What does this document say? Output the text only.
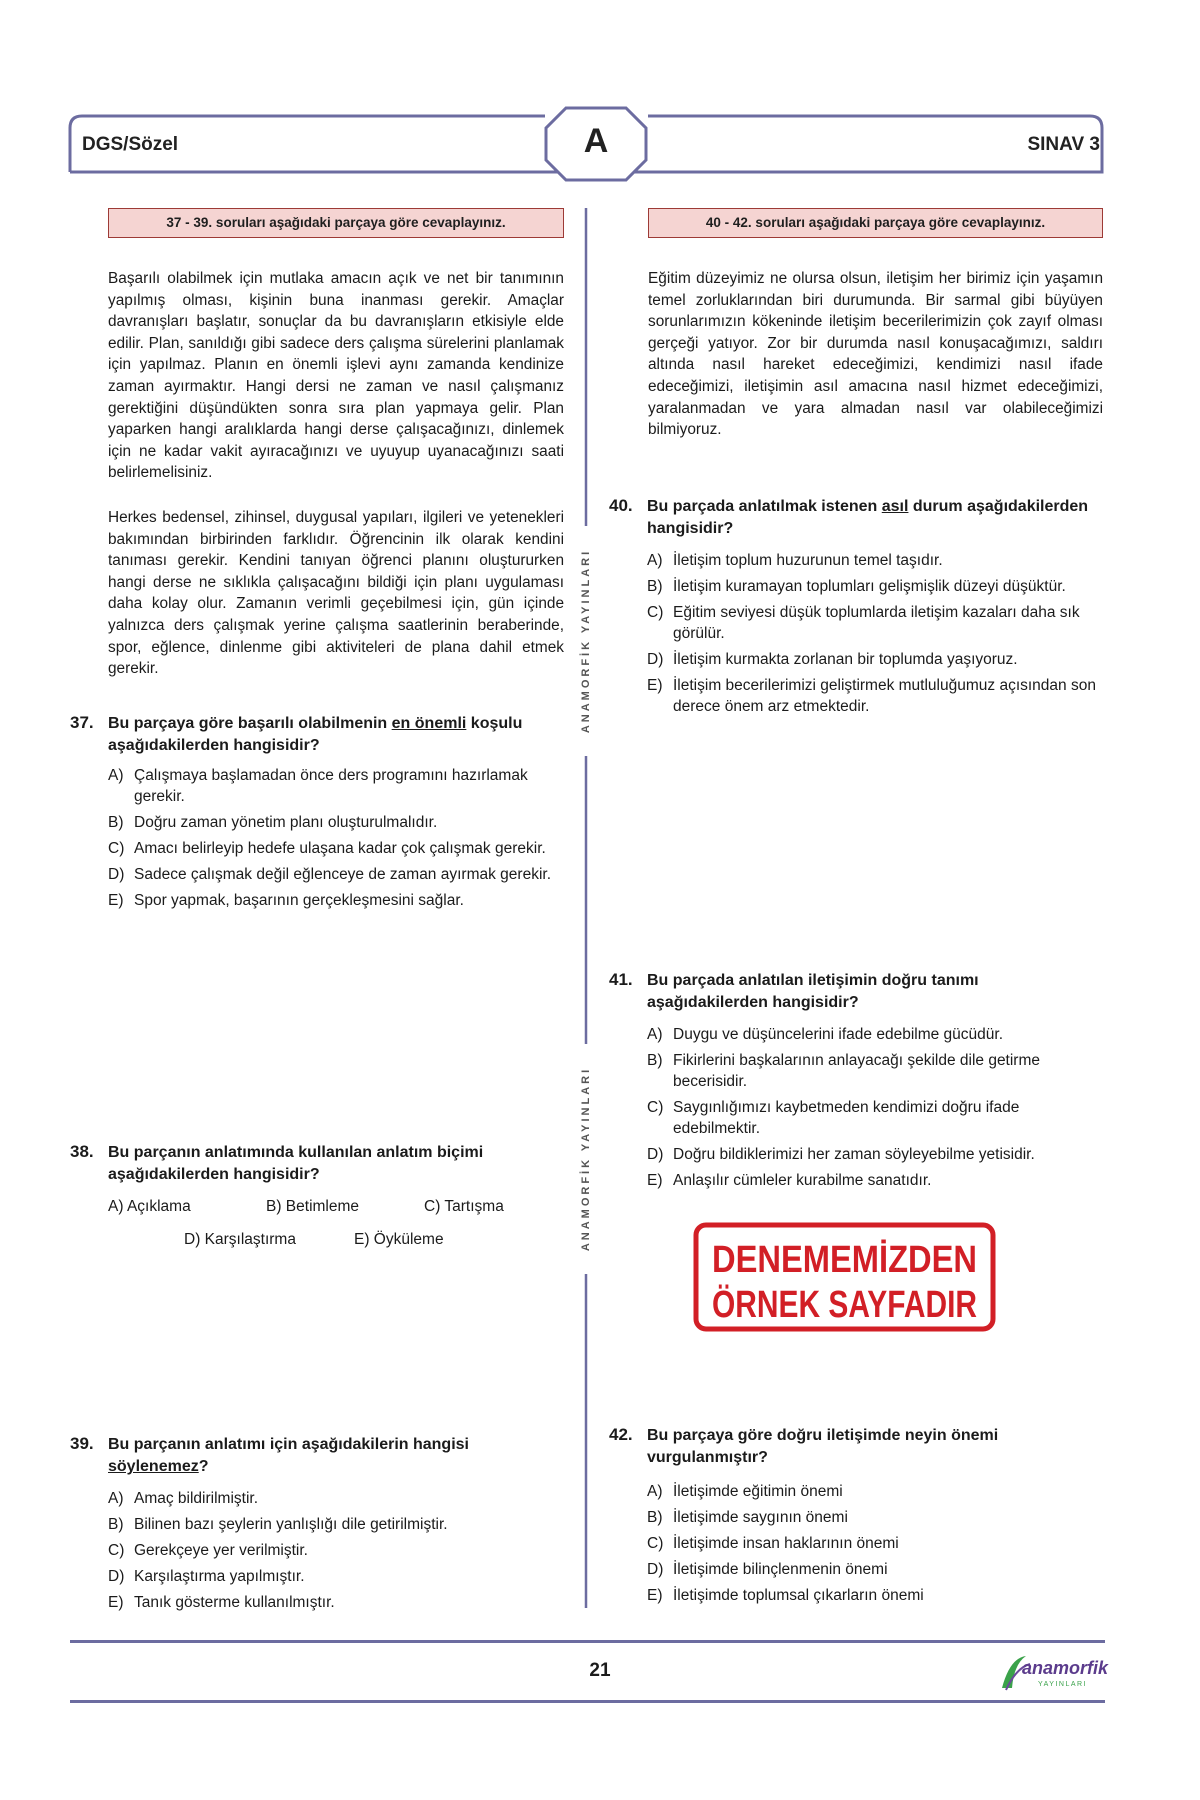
DGS/Sözel	A	SINAV 3
ANAMORFİK YAYINLARI
ANAMORFİK YAYINLARI
37 - 39. soruları aşağıdaki parçaya göre cevaplayınız.	40 - 42. soruları aşağıdaki parçaya göre cevaplayınız.

Başarılı olabilmek için mutlaka amacın açık ve net bir tanımının yapılmış olması, kişinin buna inanması gerekir. Amaçlar davranışları başlatır, sonuçlar da bu davranışların etkisiyle elde edilir. Plan, sanıldığı gibi sadece ders çalışma sürelerini planlamak için yapılmaz. Planın en önemli işlevi aynı zamanda kendinize zaman ayırmaktır. Hangi dersi ne zaman ve nasıl çalışmanız gerektiğini düşündükten sonra sıra plan yapmaya gelir. Plan yaparken hangi aralıklarda hangi derse çalışacağınızı, dinlemek için ne kadar vakit ayıracağınızı ve uyuyup uyanacağınızı saati belirlemelisiniz.

Herkes bedensel, zihinsel, duygusal yapıları, ilgileri ve yetenekleri bakımından birbirinden farklıdır. Öğrencinin ilk olarak kendini tanıması gerekir. Kendini tanıyan öğrenci planını oluştururken hangi derse ne sıklıkla çalışacağını bildiği için planı uygulaması daha kolay olur. Zamanın verimli geçebilmesi için, gün içinde yalnızca ders çalışmak yerine çalışma saatlerinin beraberinde, spor, eğlence, dinlenme gibi aktiviteleri de plana dahil etmek gerekir.

Eğitim düzeyimiz ne olursa olsun, iletişim her birimiz için yaşamın temel zorluklarından biri durumunda. Bir sarmal gibi büyüyen sorunlarımızın kökeninde iletişim becerilerimizin çok zayıf olması gerçeği yatıyor. Zor bir durumda nasıl konuşacağımızı, saldırı altında nasıl hareket edeceğimizi, kendimizi nasıl ifade edeceğimizi, iletişimin asıl amacına nasıl hizmet edeceğimizi, yaralanmadan ve yara almadan nasıl var olabileceğimizi bilmiyoruz.

37. Bu parçaya göre başarılı olabilmenin en önemli koşulu aşağıdakilerden hangisidir?
A) Çalışmaya başlamadan önce ders programını hazırlamak gerekir.
B) Doğru zaman yönetim planı oluşturulmalıdır.
C) Amacı belirleyip hedefe ulaşana kadar çok çalışmak gerekir.
D) Sadece çalışmak değil eğlenceye de zaman ayırmak gerekir.
E) Spor yapmak, başarının gerçekleşmesini sağlar.
38. Bu parçanın anlatımında kullanılan anlatım biçimi aşağıdakilerden hangisidir?
A) Açıklama	B) Betimleme	C) Tartışma
D) Karşılaştırma	E) Öyküleme
39. Bu parçanın anlatımı için aşağıdakilerin hangisi söylenemez?
A) Amaç bildirilmiştir.
B) Bilinen bazı şeylerin yanlışlığı dile getirilmiştir.
C) Gerekçeye yer verilmiştir.
D) Karşılaştırma yapılmıştır.
E) Tanık gösterme kullanılmıştır.
40. Bu parçada anlatılmak istenen asıl durum aşağıdakilerden hangisidir?
A) İletişim toplum huzurunun temel taşıdır.
B) İletişim kuramayan toplumları gelişmişlik düzeyi düşüktür.
C) Eğitim seviyesi düşük toplumlarda iletişim kazaları daha sık görülür.
D) İletişim kurmakta zorlanan bir toplumda yaşıyoruz.
E) İletişim becerilerimizi geliştirmek mutluluğumuz açısından son derece önem arz etmektedir.
41. Bu parçada anlatılan iletişimin doğru tanımı aşağıdakilerden hangisidir?
A) Duygu ve düşüncelerini ifade edebilme gücüdür.
B) Fikirlerini başkalarının anlayacağı şekilde dile getirme becerisidir.
C) Saygınlığımızı kaybetmeden kendimizi doğru ifade edebilmektir.
D) Doğru bildiklerimizi her zaman söyleyebilme yetisidir.
E) Anlaşılır cümleler kurabilme sanatıdır.
DENEMEMİZDEN
ÖRNEK SAYFADIR
42. Bu parçaya göre doğru iletişimde neyin önemi vurgulanmıştır?
A) İletişimde eğitimin önemi
B) İletişimde saygının önemi
C) İletişimde insan haklarının önemi
D) İletişimde bilinçlenmenin önemi
E) İletişimde toplumsal çıkarların önemi
21	anamorfik
YAYINLARI
